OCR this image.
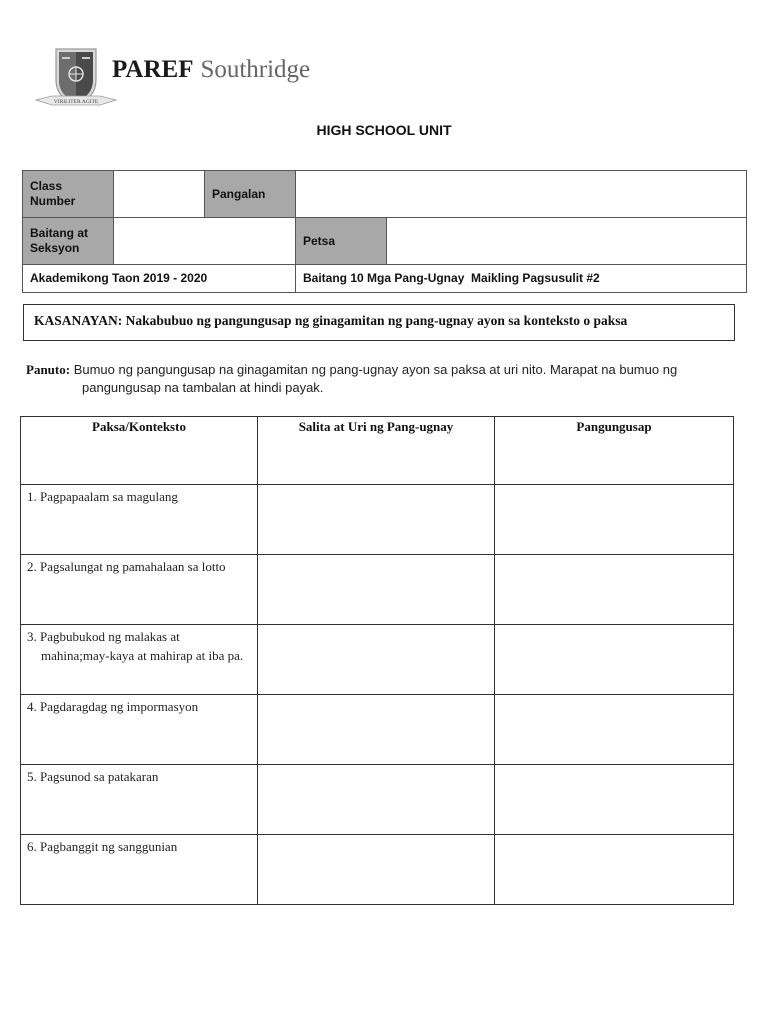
VIRILITER AGITE
PAREF Southridge
HIGH SCHOOL UNIT
Class Number		Pangalan		
Baitang at Seksyon			Petsa	
Akademikong Taon 2019 - 2020			Baitang 10 Mga Pang-Ugnay  Maikling Pagsusulit #2	
KASANAYAN: Nakabubuo ng pangungusap ng ginagamitan ng pang-ugnay ayon sa konteksto o paksa
Panuto: Bumuo ng pangungusap na ginagamitan ng pang-ugnay ayon sa paksa at uri nito. Marapat na bumuo ng
pangungusap na tambalan at hindi payak.
Paksa/Konteksto	Salita at Uri ng Pang-ugnay	Pangungusap

1. Pagpapaalam sa magulang		

2. Pagsalungat ng pamahalaan sa lotto		

3. Pagbubukod ng malakas at mahina;may-kaya at mahirap at iba pa.		

4. Pagdaragdag ng impormasyon		

5. Pagsunod sa patakaran		

6. Pagbanggit ng sanggunian		
